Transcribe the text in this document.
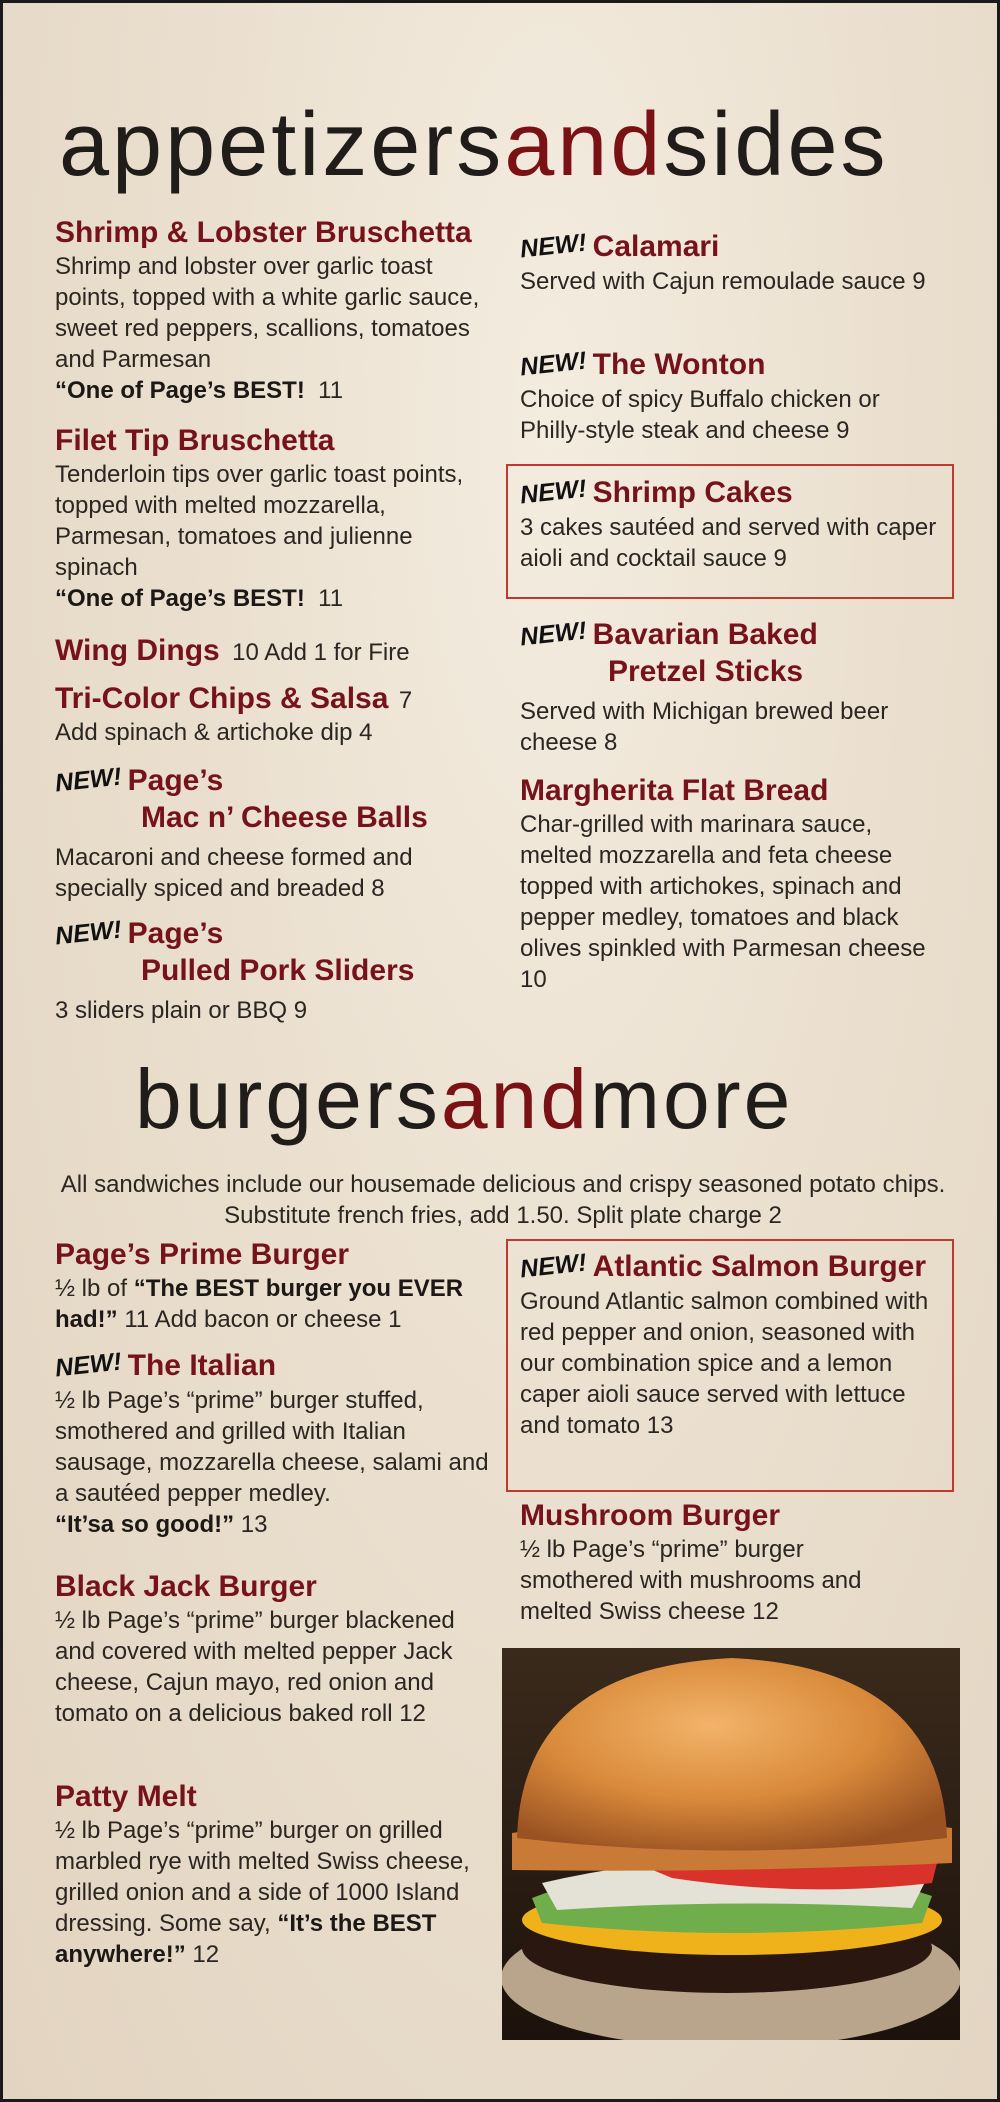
appetizersandsides
Shrimp & Lobster Bruschetta
Shrimp and lobster over garlic toast points, topped with a white garlic sauce, sweet red peppers, scallions, tomatoes and Parmesan
“One of Page’s BEST! 11
Filet Tip Bruschetta
Tenderloin tips over garlic toast points, topped with melted mozzarella, Parmesan, tomatoes and julienne spinach
“One of Page’s BEST! 11
Wing Dings 10 Add 1 for Fire
Tri-Color Chips & Salsa 7
Add spinach & artichoke dip 4
NEW! Page’s
Mac n’ Cheese Balls
Macaroni and cheese formed and specially spiced and breaded 8
NEW! Page’s
Pulled Pork Sliders
3 sliders plain or BBQ 9
NEW! Calamari
Served with Cajun remoulade sauce 9
NEW! The Wonton
Choice of spicy Buffalo chicken or Philly-style steak and cheese 9
NEW! Shrimp Cakes
3 cakes sautéed and served with caper aioli and cocktail sauce 9
NEW! Bavarian Baked
Pretzel Sticks
Served with Michigan brewed beer cheese 8
Margherita Flat Bread
Char-grilled with marinara sauce, melted mozzarella and feta cheese topped with artichokes, spinach and pepper medley, tomatoes and black olives spinkled with Parmesan cheese 10
burgersandmore
All sandwiches include our housemade delicious and crispy seasoned potato chips. Substitute french fries, add 1.50. Split plate charge 2
Page’s Prime Burger
½ lb of “The BEST burger you EVER had!” 11 Add bacon or cheese 1
NEW! The Italian
½ lb Page’s “prime” burger stuffed, smothered and grilled with Italian sausage, mozzarella cheese, salami and a sautéed pepper medley.
“It’sa so good!” 13
Black Jack Burger
½ lb Page’s “prime” burger blackened and covered with melted pepper Jack cheese, Cajun mayo, red onion and tomato on a delicious baked roll 12
Patty Melt
½ lb Page’s “prime” burger on grilled marbled rye with melted Swiss cheese, grilled onion and a side of 1000 Island dressing. Some say, “It’s the BEST anywhere!” 12
NEW! Atlantic Salmon Burger
Ground Atlantic salmon combined with red pepper and onion, seasoned with our combination spice and a lemon caper aioli sauce served with lettuce and tomato 13
Mushroom Burger
½ lb Page’s “prime” burger smothered with mushrooms and melted Swiss cheese 12
